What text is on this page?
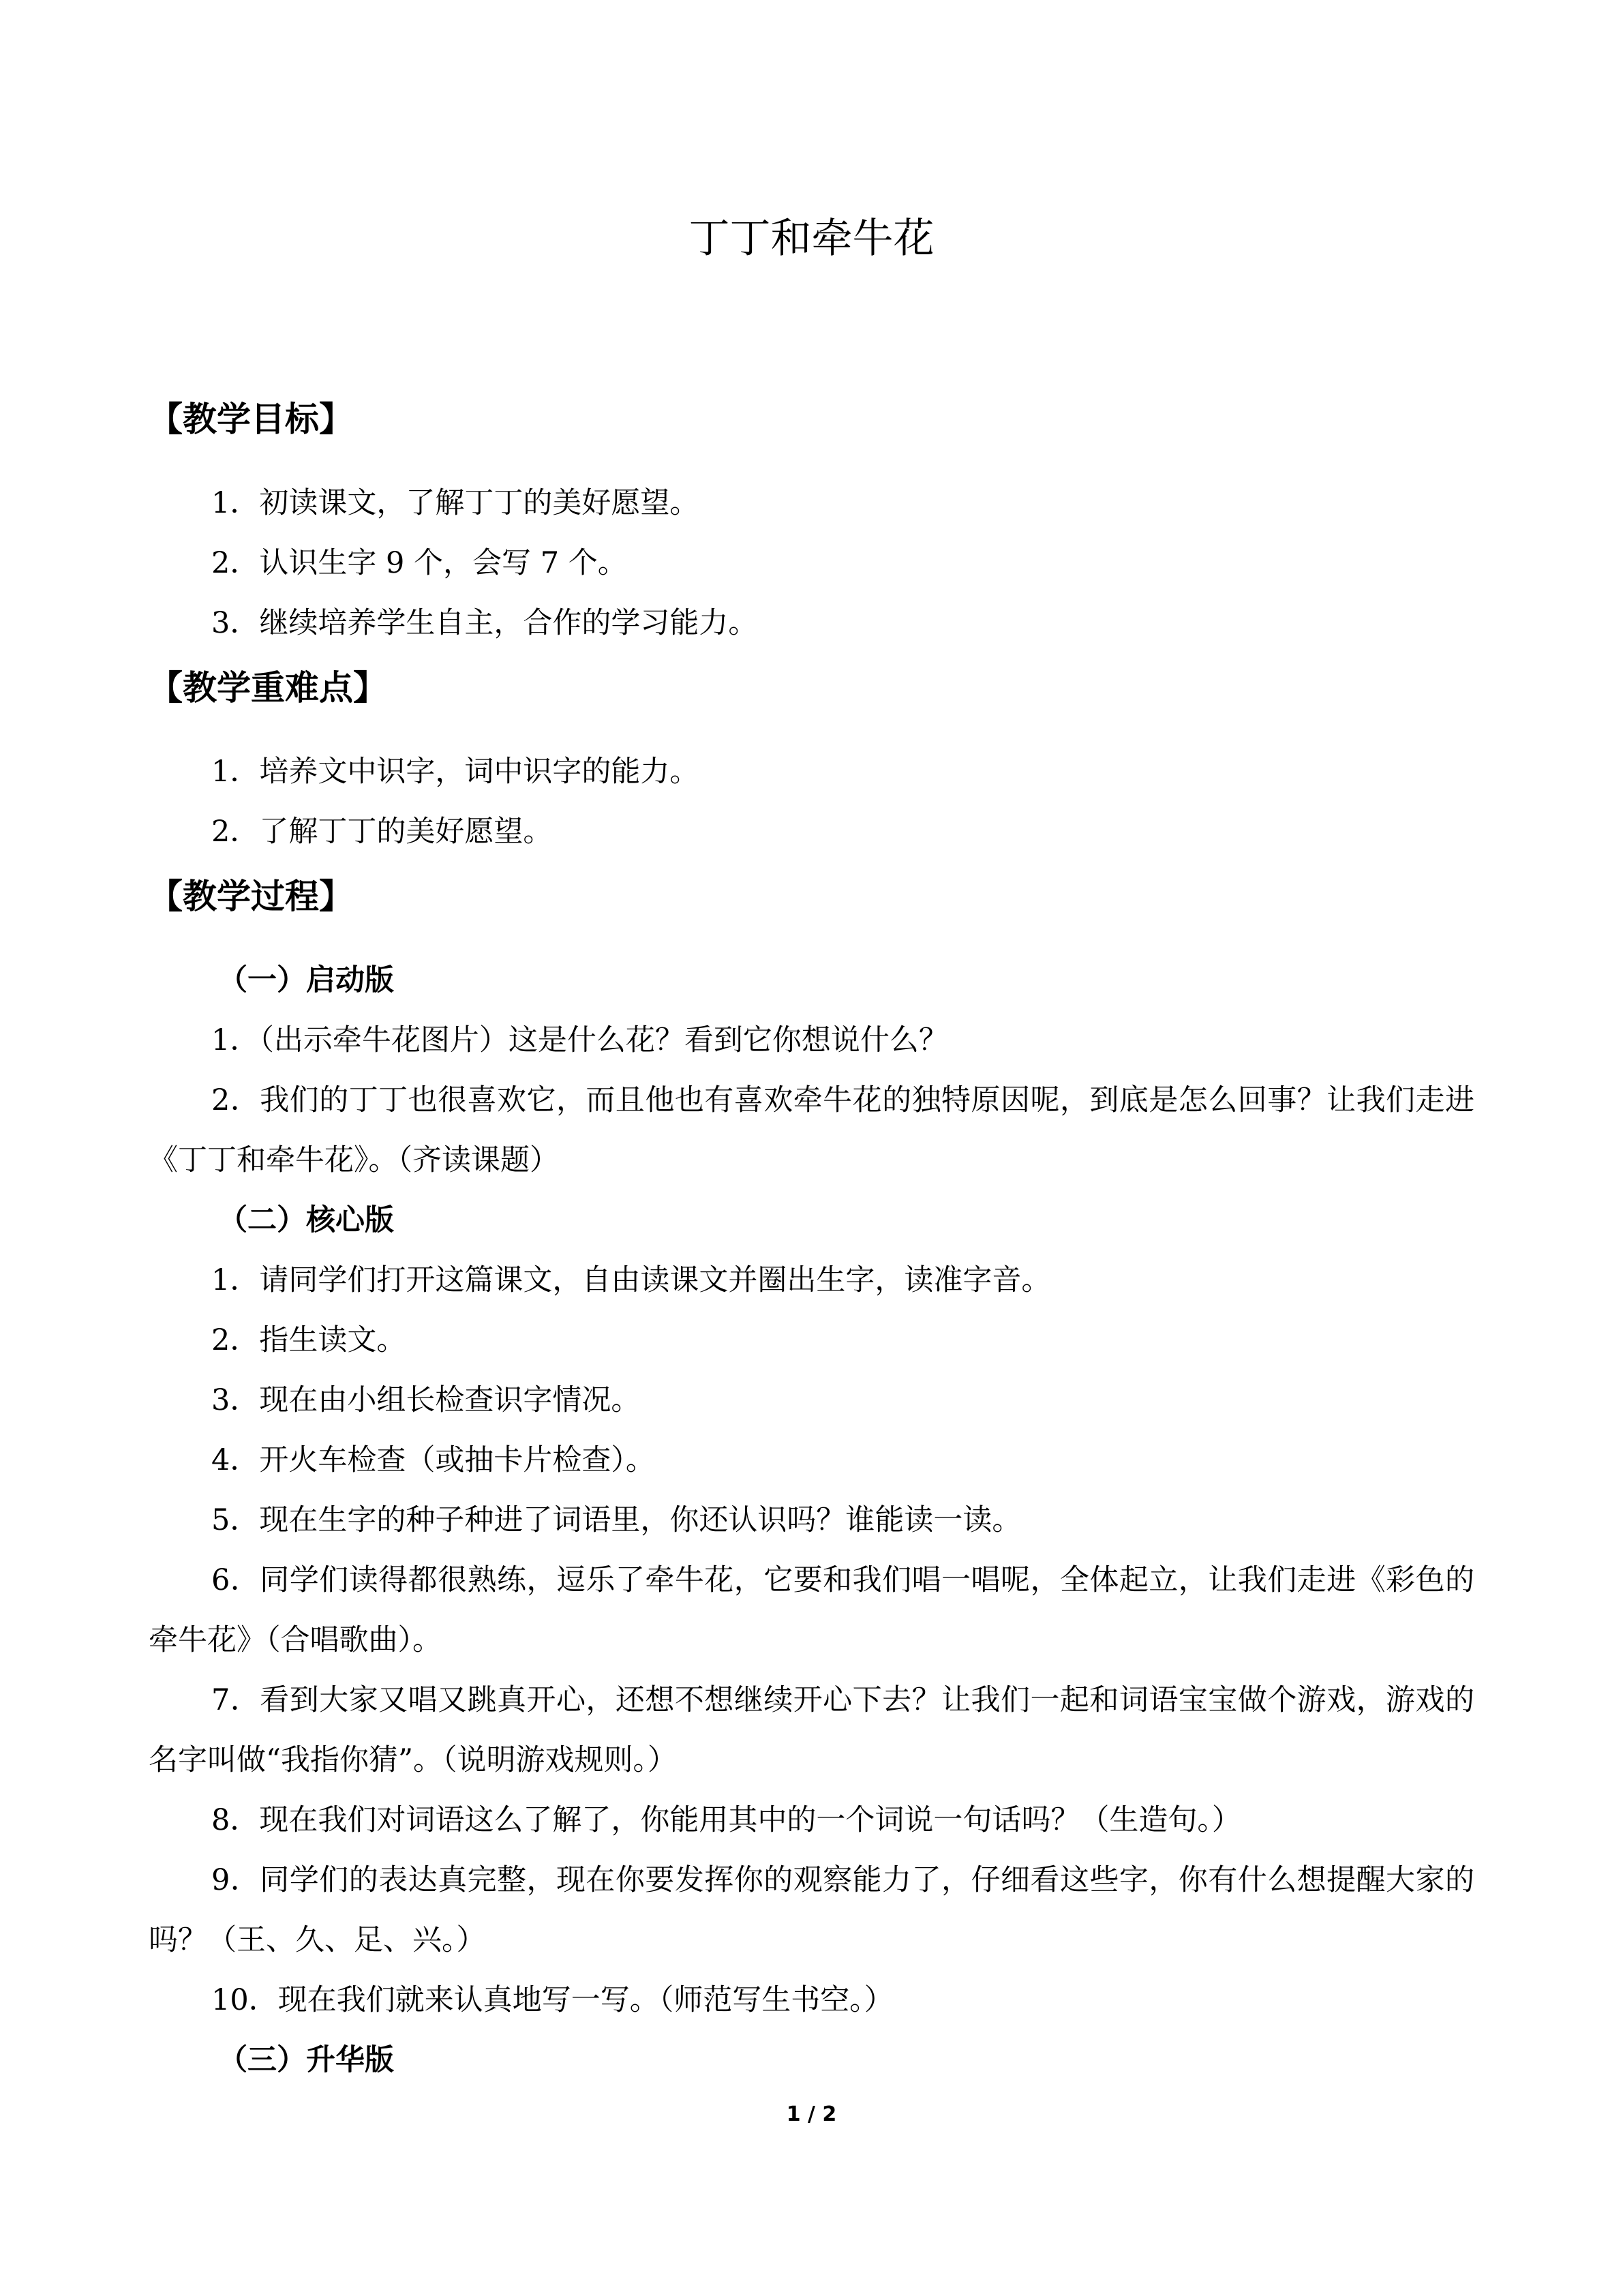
丁丁和牵牛花
【教学目标】

1．初读课文，了解丁丁的美好愿望。

2．认识生字 9 个，会写 7 个。

3．继续培养学生自主，合作的学习能力。

【教学重难点】

1．培养文中识字，词中识字的能力。

2．了解丁丁的美好愿望。

【教学过程】
（一）启动版

1．（出示牵牛花图片）这是什么花？看到它你想说什么？

2．我们的丁丁也很喜欢它，而且他也有喜欢牵牛花的独特原因呢，到底是怎么回事？让我们走进《丁丁和牵牛花》。（齐读课题）

（二）核心版

1．请同学们打开这篇课文，自由读课文并圈出生字，读准字音。

2．指生读文。

3．现在由小组长检查识字情况。

4．开火车检查（或抽卡片检查）。

5．现在生字的种子种进了词语里，你还认识吗？谁能读一读。

6．同学们读得都很熟练，逗乐了牵牛花，它要和我们唱一唱呢，全体起立，让我们走进《彩色的牵牛花》（合唱歌曲）。

7．看到大家又唱又跳真开心，还想不想继续开心下去？让我们一起和词语宝宝做个游戏，游戏的名字叫做“我指你猜”。（说明游戏规则。）

8．现在我们对词语这么了解了，你能用其中的一个词说一句话吗？（生造句。）

9．同学们的表达真完整，现在你要发挥你的观察能力了，仔细看这些字，你有什么想提醒大家的吗？（王、久、足、兴。）

10．现在我们就来认真地写一写。（师范写生书空。）

（三）升华版
1 / 2
